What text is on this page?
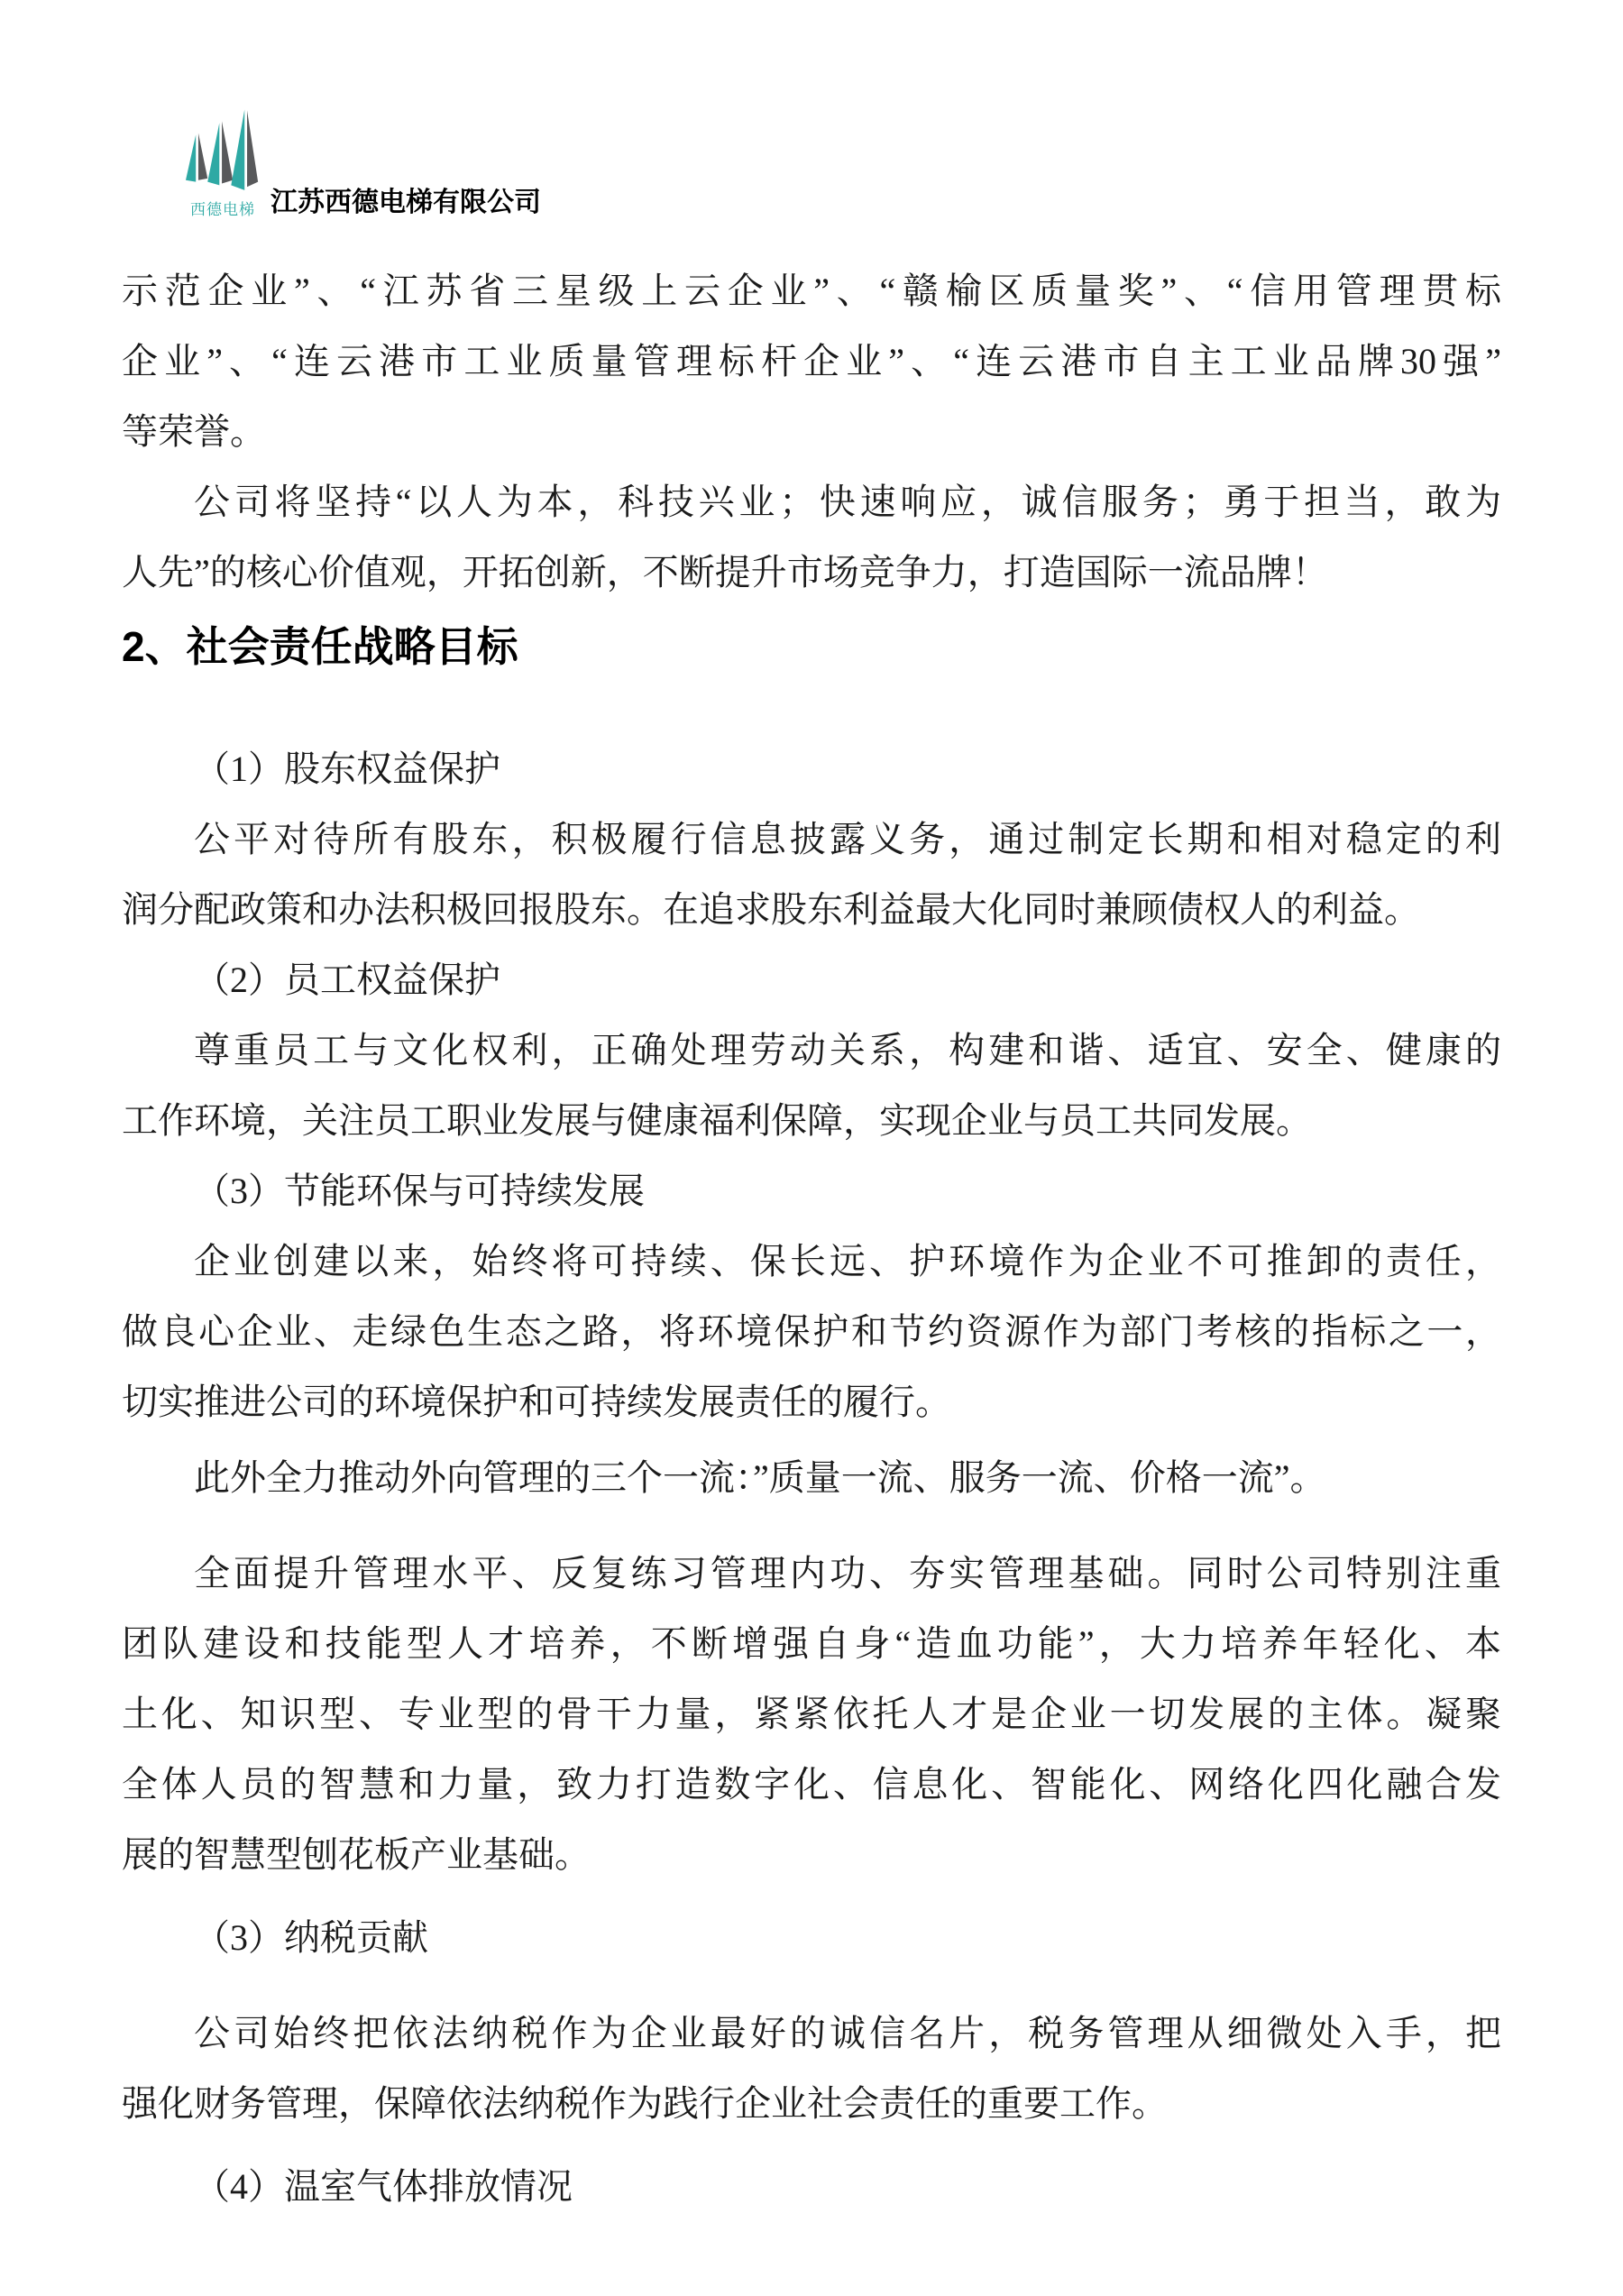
西德电梯 江苏西德电梯有限公司
示范企业”、“江苏省三星级上云企业”、“赣榆区质量奖”、“信用管理贯标
企业”、“连云港市工业质量管理标杆企业”、“连云港市自主工业品牌30强”
等荣誉。
公司将坚持“以人为本，科技兴业；快速响应，诚信服务；勇于担当，敢为
人先”的核心价值观，开拓创新，不断提升市场竞争力，打造国际一流品牌！
2、社会责任战略目标
（1）股东权益保护
公平对待所有股东，积极履行信息披露义务，通过制定长期和相对稳定的利
润分配政策和办法积极回报股东。在追求股东利益最大化同时兼顾债权人的利益。
（2）员工权益保护
尊重员工与文化权利，正确处理劳动关系，构建和谐、适宜、安全、健康的
工作环境，关注员工职业发展与健康福利保障，实现企业与员工共同发展。
（3）节能环保与可持续发展
企业创建以来，始终将可持续、保长远、护环境作为企业不可推卸的责任，
做良心企业、走绿色生态之路，将环境保护和节约资源作为部门考核的指标之一，
切实推进公司的环境保护和可持续发展责任的履行。
此外全力推动外向管理的三个一流：”质量一流、服务一流、价格一流”。
全面提升管理水平、反复练习管理内功、夯实管理基础。同时公司特别注重
团队建设和技能型人才培养，不断增强自身“造血功能”，大力培养年轻化、本
土化、知识型、专业型的骨干力量，紧紧依托人才是企业一切发展的主体。凝聚
全体人员的智慧和力量，致力打造数字化、信息化、智能化、网络化四化融合发
展的智慧型刨花板产业基础。
（3）纳税贡献
公司始终把依法纳税作为企业最好的诚信名片，税务管理从细微处入手，把
强化财务管理，保障依法纳税作为践行企业社会责任的重要工作。
（4）温室气体排放情况
